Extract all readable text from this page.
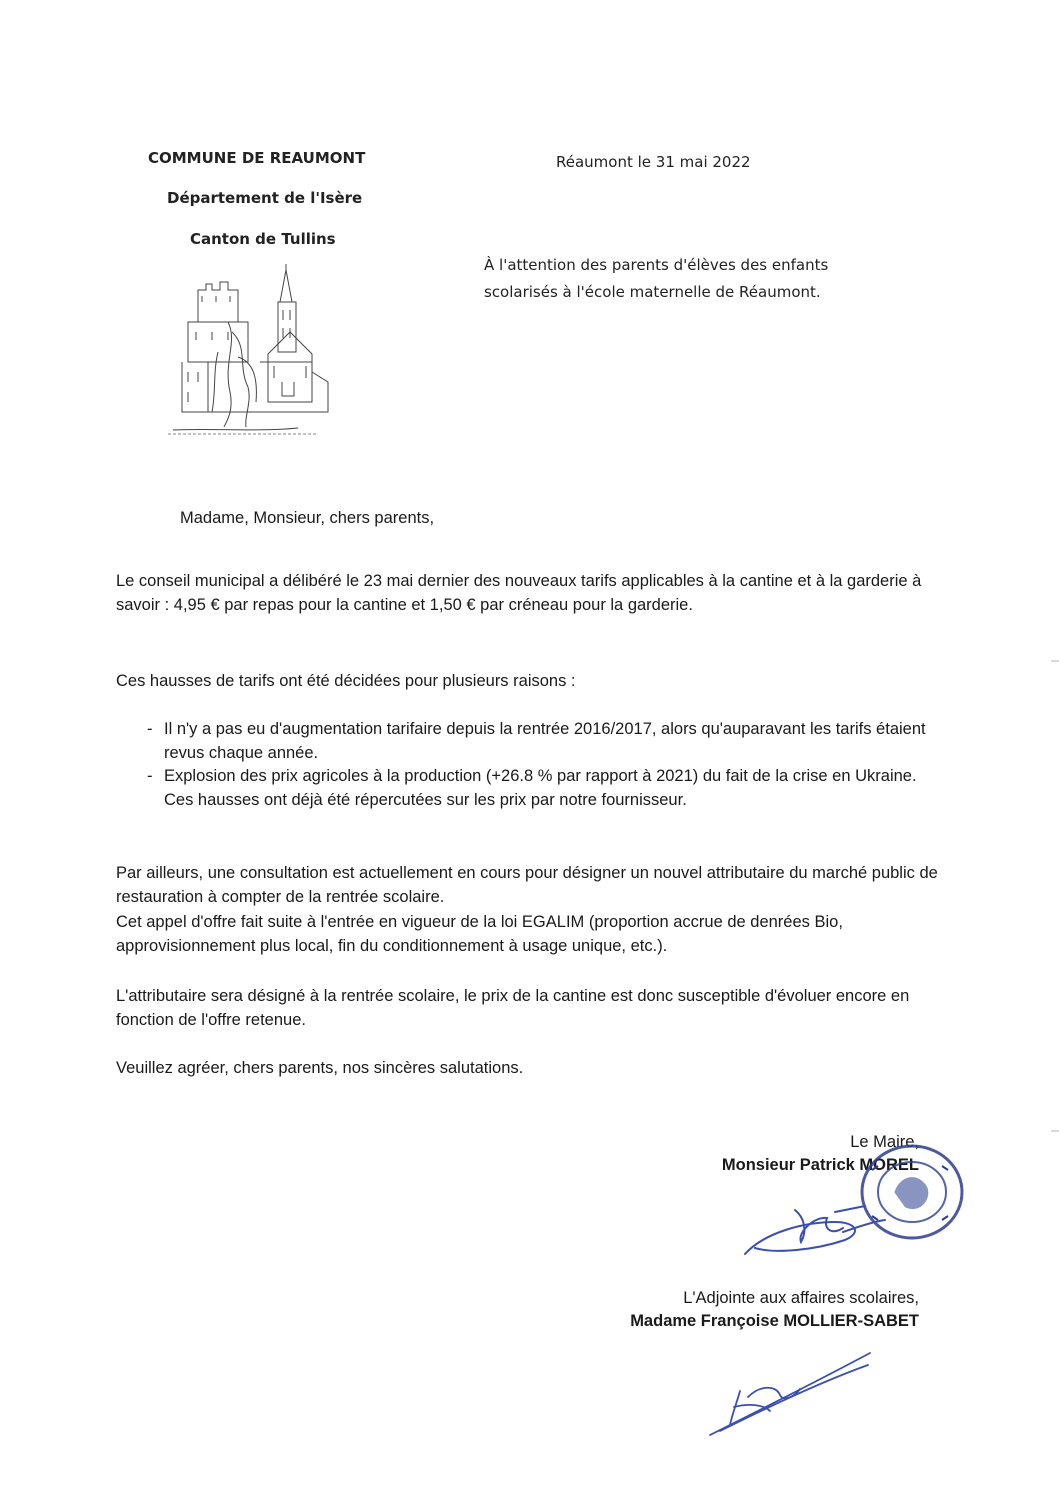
COMMUNE DE REAUMONT
Département de l'Isère
Canton de Tullins
Réaumont le 31 mai 2022
À l'attention des parents d'élèves des enfants
scolarisés à l'école maternelle de Réaumont.
Madame, Monsieur, chers parents,
Le conseil municipal a délibéré le 23 mai dernier des nouveaux tarifs applicables à la cantine et à la garderie à savoir : 4,95 € par repas pour la cantine et 1,50 € par créneau pour la garderie.
Ces hausses de tarifs ont été décidées pour plusieurs raisons :
- Il n'y a pas eu d'augmentation tarifaire depuis la rentrée 2016/2017, alors qu'auparavant les tarifs étaient revus chaque année.
- Explosion des prix agricoles à la production (+26.8 % par rapport à 2021) du fait de la crise en Ukraine. Ces hausses ont déjà été répercutées sur les prix par notre fournisseur.
Par ailleurs, une consultation est actuellement en cours pour désigner un nouvel attributaire du marché public de restauration à compter de la rentrée scolaire.
Cet appel d'offre fait suite à l'entrée en vigueur de la loi EGALIM (proportion accrue de denrées Bio, approvisionnement plus local, fin du conditionnement à usage unique, etc.).
L'attributaire sera désigné à la rentrée scolaire, le prix de la cantine est donc susceptible d'évoluer encore en fonction de l'offre retenue.
Veuillez agréer, chers parents, nos sincères salutations.
Le Maire,
Monsieur Patrick MOREL
L'Adjointe aux affaires scolaires,
Madame Françoise MOLLIER-SABET
